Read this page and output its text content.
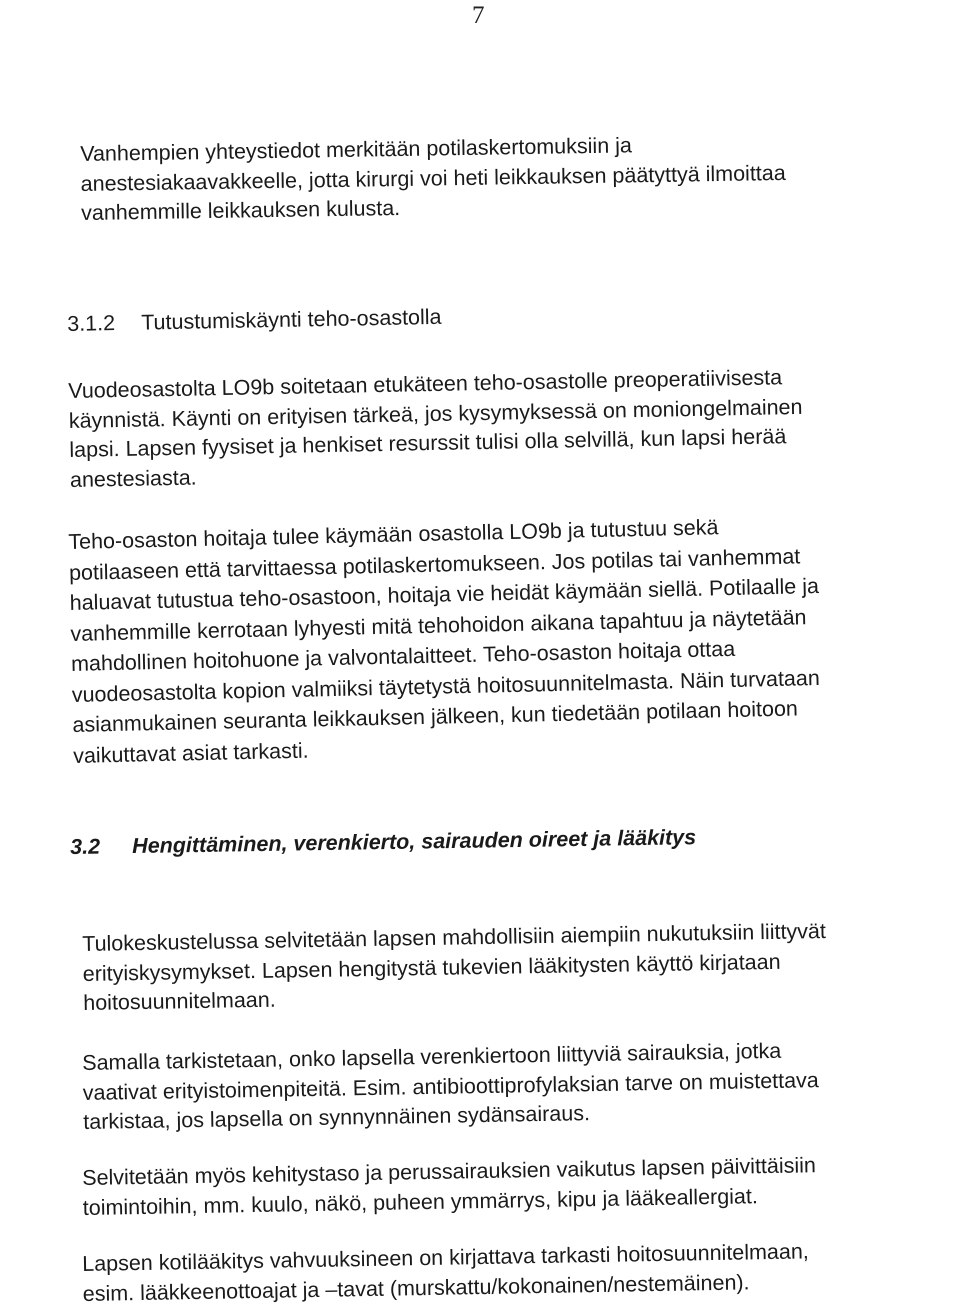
7
Vanhempien yhteystiedot merkitään potilaskertomuksiin ja
anestesiakaavakkeelle, jotta kirurgi voi heti leikkauksen päätyttyä ilmoittaa
vanhemmille leikkauksen kulusta.
3.1.2 Tutustumiskäynti teho-osastolla
Vuodeosastolta LO9b soitetaan etukäteen teho-osastolle preoperatiivisesta
käynnistä. Käynti on erityisen tärkeä, jos kysymyksessä on moniongelmainen
lapsi. Lapsen fyysiset ja henkiset resurssit tulisi olla selvillä, kun lapsi herää
anestesiasta.
Teho-osaston hoitaja tulee käymään osastolla LO9b ja tutustuu sekä
potilaaseen että tarvittaessa potilaskertomukseen. Jos potilas tai vanhemmat
haluavat tutustua teho-osastoon, hoitaja vie heidät käymään siellä. Potilaalle ja
vanhemmille kerrotaan lyhyesti mitä tehohoidon aikana tapahtuu ja näytetään
mahdollinen hoitohuone ja valvontalaitteet. Teho-osaston hoitaja ottaa
vuodeosastolta kopion valmiiksi täytetystä hoitosuunnitelmasta. Näin turvataan
asianmukainen seuranta leikkauksen jälkeen, kun tiedetään potilaan hoitoon
vaikuttavat asiat tarkasti.
3.2 Hengittäminen, verenkierto, sairauden oireet ja lääkitys
Tulokeskustelussa selvitetään lapsen mahdollisiin aiempiin nukutuksiin liittyvät
erityiskysymykset. Lapsen hengitystä tukevien lääkitysten käyttö kirjataan
hoitosuunnitelmaan.
Samalla tarkistetaan, onko lapsella verenkiertoon liittyviä sairauksia, jotka
vaativat erityistoimenpiteitä. Esim. antibioottiprofylaksian tarve on muistettava
tarkistaa, jos lapsella on synnynnäinen sydänsairaus.
Selvitetään myös kehitystaso ja perussairauksien vaikutus lapsen päivittäisiin
toimintoihin, mm. kuulo, näkö, puheen ymmärrys, kipu ja lääkeallergiat.
Lapsen kotilääkitys vahvuuksineen on kirjattava tarkasti hoitosuunnitelmaan,
esim. lääkkeenottoajat ja –tavat (murskattu/kokonainen/nestemäinen).
